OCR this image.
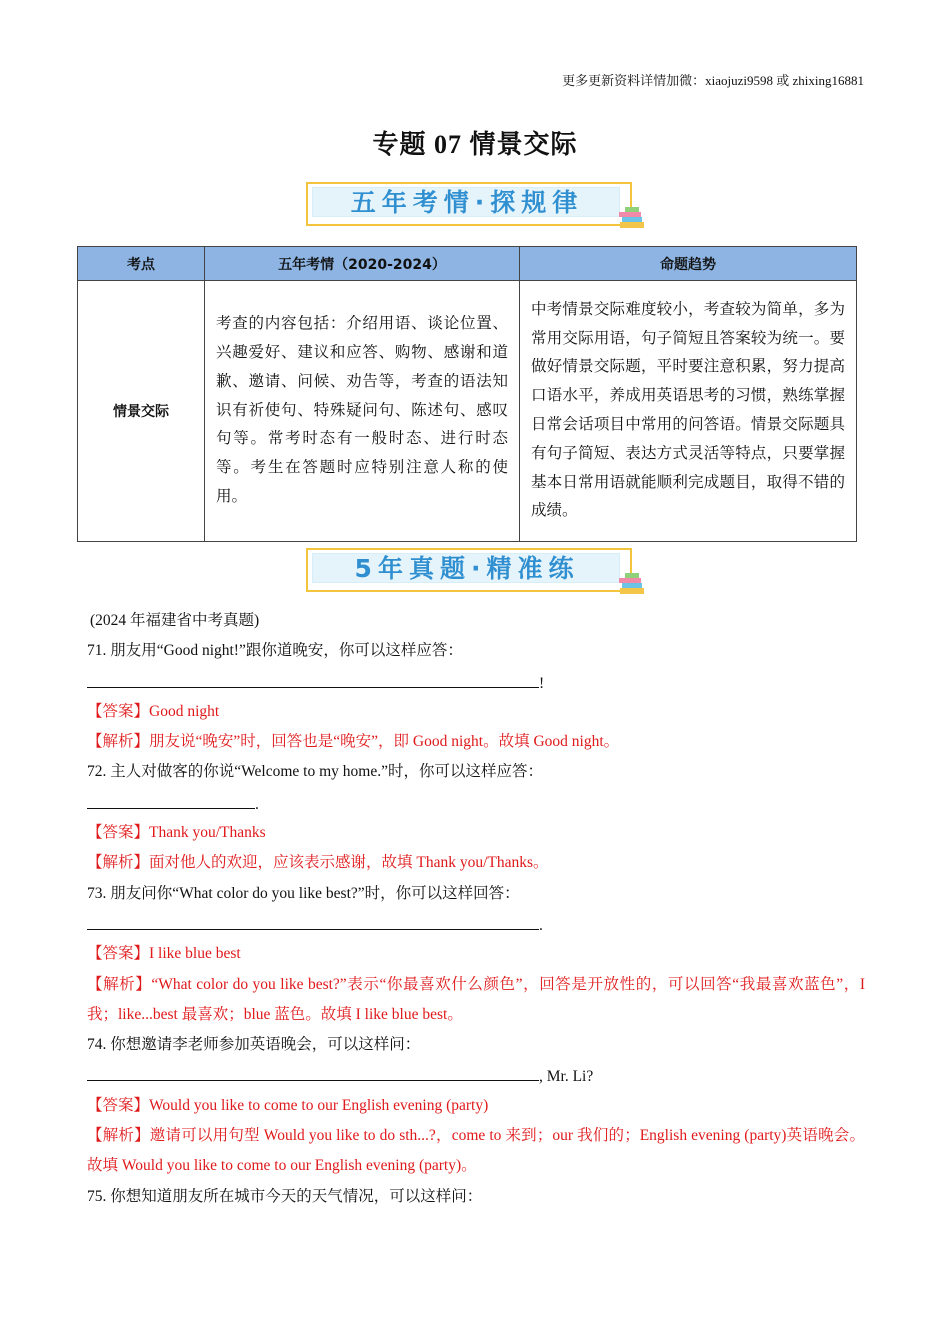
更多更新资料详情加微：xiaojuzi9598 或 zhixing16881
专题 07 情景交际
五年考情·探规律
考点	五年考情（2020-2024）	命题趋势
情景交际	考查的内容包括：介绍用语、谈论位置、兴趣爱好、建议和应答、购物、感谢和道歉、邀请、问候、劝告等，考查的语法知识有祈使句、特殊疑问句、陈述句、感叹句等。常考时态有一般时态、进行时态等。考生在答题时应特别注意人称的使用。	中考情景交际难度较小，考查较为简单，多为常用交际用语，句子简短且答案较为统一。要做好情景交际题，平时要注意积累，努力提高口语水平，养成用英语思考的习惯，熟练掌握日常会话项目中常用的问答语。情景交际题具有句子简短、表达方式灵活等特点，只要掌握基本日常用语就能顺利完成题目，取得不错的成绩。
5年真题·精准练
(2024 年福建省中考真题)
71. 朋友用“Good night!”跟你道晚安，你可以这样应答：
!
【答案】Good night
【解析】朋友说“晚安”时，回答也是“晚安”，即 Good night。故填 Good night。
72. 主人对做客的你说“Welcome to my home.”时，你可以这样应答：
.
【答案】Thank you/Thanks
【解析】面对他人的欢迎，应该表示感谢，故填 Thank you/Thanks。
73. 朋友问你“What color do you like best?”时，你可以这样回答：
.
【答案】I like blue best
【解析】“What color do you like best?”表示“你最喜欢什么颜色”，回答是开放性的，可以回答“我最喜欢蓝色”，I 我；like...best 最喜欢；blue 蓝色。故填 I like blue best。
74. 你想邀请李老师参加英语晚会，可以这样问：
, Mr. Li?
【答案】Would you like to come to our English evening (party)
【解析】邀请可以用句型 Would you like to do sth...?，come to 来到；our 我们的；English evening (party)英语晚会。故填 Would you like to come to our English evening (party)。
75. 你想知道朋友所在城市今天的天气情况，可以这样问：
